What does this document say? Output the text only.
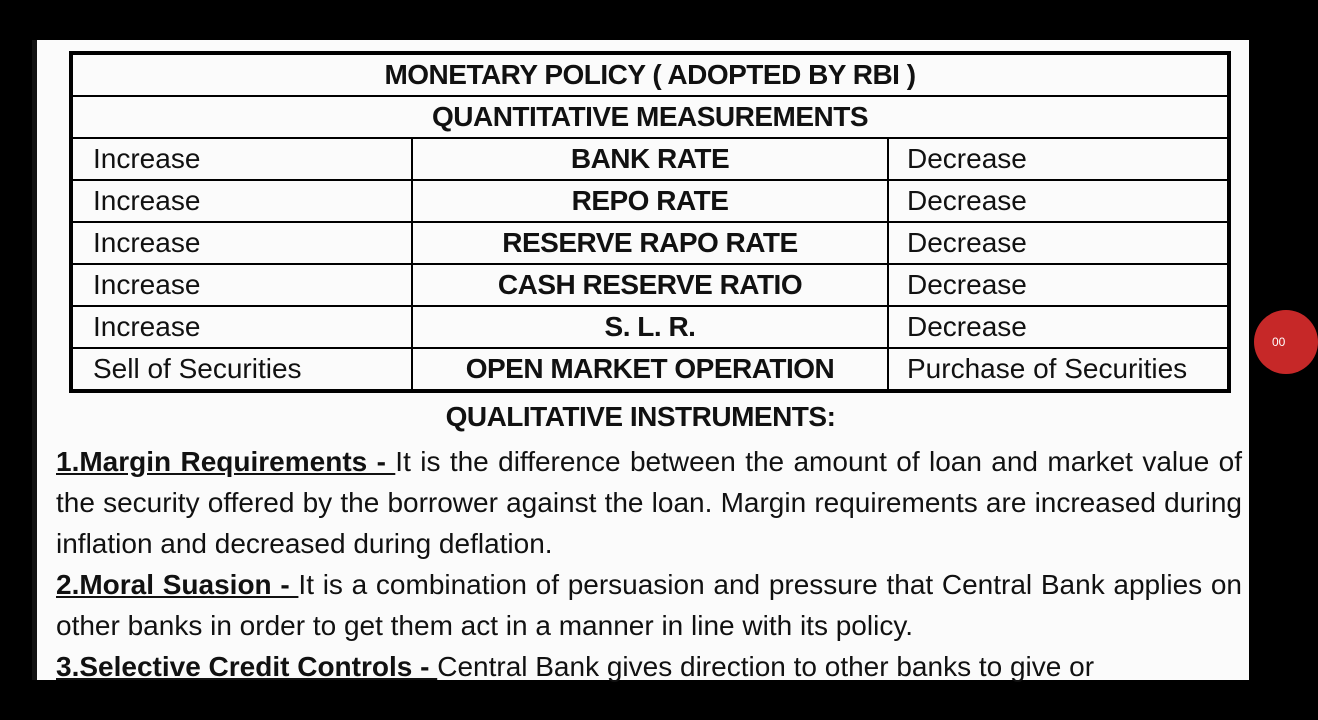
MONETARY POLICY ( ADOPTED BY RBI )		
QUANTITATIVE MEASUREMENTS		
Increase	BANK RATE	Decrease
Increase	REPO RATE	Decrease
Increase	RESERVE RAPO RATE	Decrease
Increase	CASH RESERVE RATIO	Decrease
Increase	S. L. R.	Decrease
Sell of Securities	OPEN MARKET OPERATION	Purchase of Securities
QUALITATIVE INSTRUMENTS:
1.Margin Requirements - It is the difference between the amount of loan and market value of the security offered by the borrower against the loan. Margin requirements are increased during inflation and decreased during deflation.
2.Moral Suasion - It is a combination of persuasion and pressure that Central Bank applies on other banks in order to get them act in a manner in line with its policy.
3.Selective Credit Controls - Central Bank gives direction to other banks to give or
00
